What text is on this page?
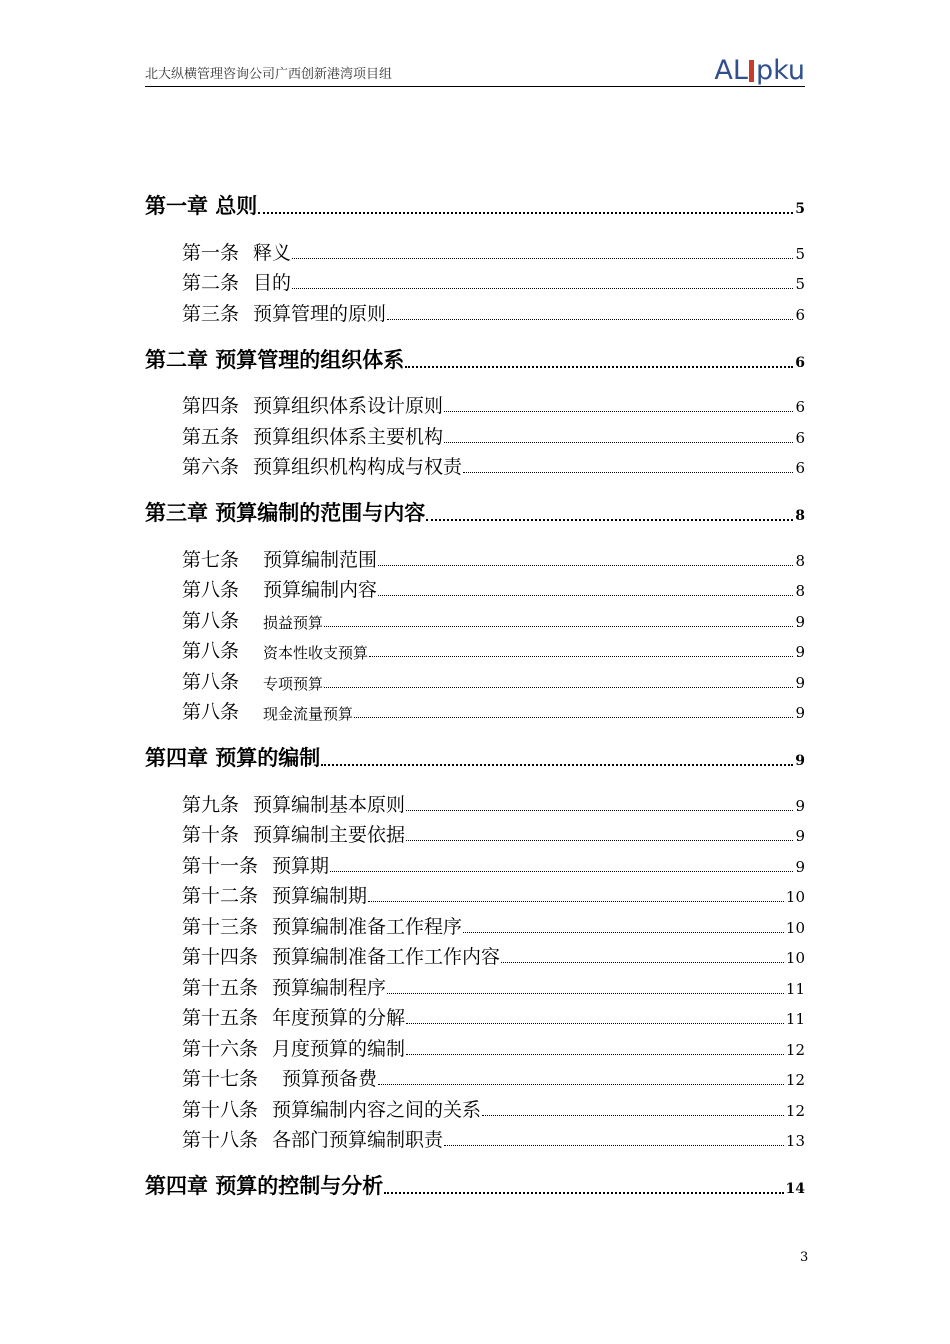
北大纵横管理咨询公司广西创新港湾项目组	AL pku
第一章 总则	5
第一条 释义	5
第二条 目的	5
第三条 预算管理的原则	6
第二章 预算管理的组织体系	6
第四条 预算组织体系设计原则	6
第五条 预算组织体系主要机构	6
第六条 预算组织机构构成与权责	6
第三章 预算编制的范围与内容	8
第七条 预算编制范围	8
第八条 预算编制内容	8
第八条 损益预算	9
第八条 资本性收支预算	9
第八条 专项预算	9
第八条 现金流量预算	9
第四章 预算的编制	9
第九条 预算编制基本原则	9
第十条 预算编制主要依据	9
第十一条 预算期	9
第十二条 预算编制期	10
第十三条 预算编制准备工作程序	10
第十四条 预算编制准备工作工作内容	10
第十五条 预算编制程序	11
第十五条 年度预算的分解	11
第十六条 月度预算的编制	12
第十七条 预算预备费	12
第十八条 预算编制内容之间的关系	12
第十八条 各部门预算编制职责	13
第四章 预算的控制与分析	14
3
